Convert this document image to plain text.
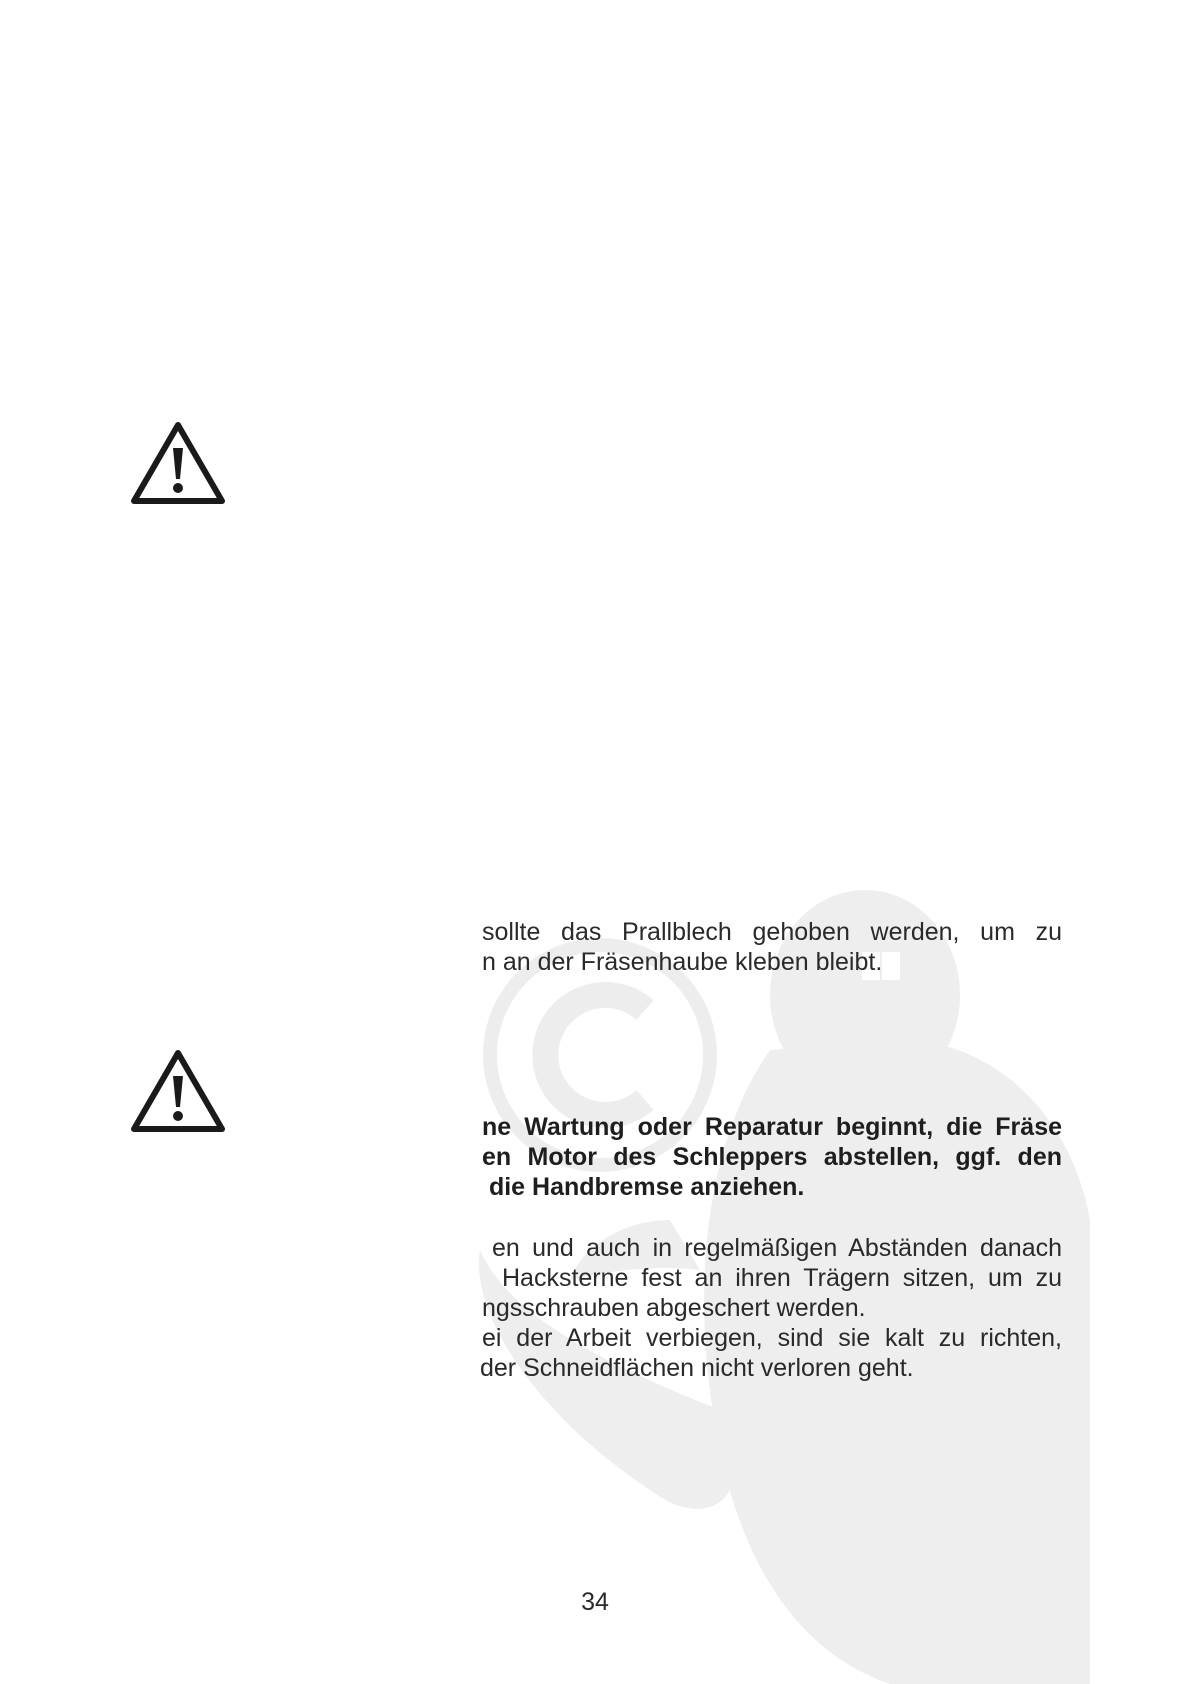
sollte das Prallblech gehoben werden, um zu
n an der Fräsenhaube kleben bleibt.
ne Wartung oder Reparatur beginnt, die Fräse
en Motor des Schleppers abstellen, ggf. den
die Handbremse anziehen.
en und auch in regelmäßigen Abständen danach
Hacksterne fest an ihren Trägern sitzen, um zu
ngsschrauben abgeschert werden.
ei der Arbeit verbiegen, sind sie kalt zu richten,
der Schneidflächen nicht verloren geht.
34
